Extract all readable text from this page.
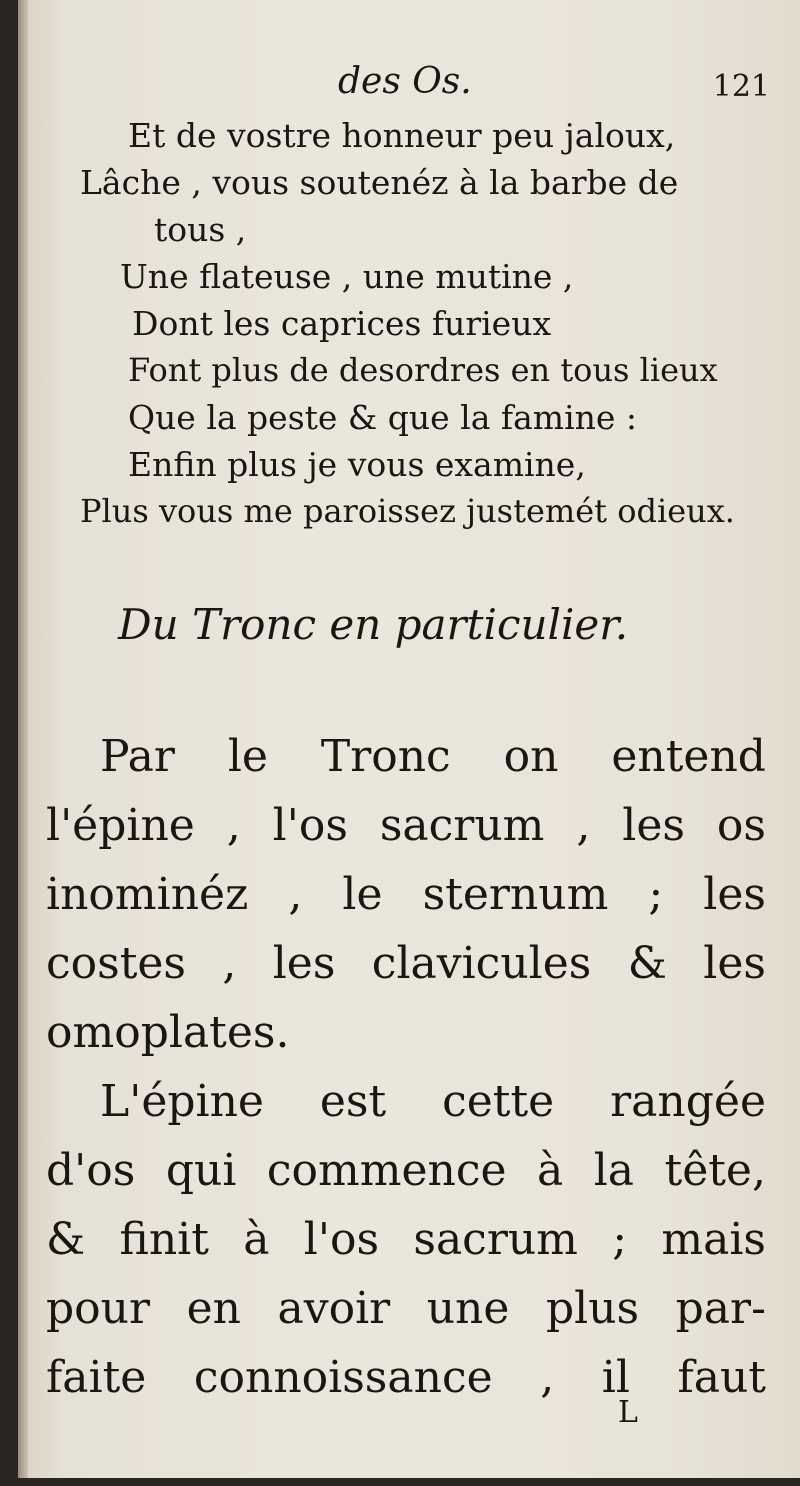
des Os.	121
Et de vostre honneur peu jaloux,
Lâche , vous soutenéz à la barbe de
tous ,
Une flateuse , une mutine ,
Dont les caprices furieux
Font plus de desordres en tous lieux
Que la peste & que la famine :
Enfin plus je vous examine,
Plus vous me paroissez justemét odieux.
Du Tronc en particulier.
Par le Tronc on entend
l'épine , l'os sacrum , les os
inominéz , le sternum ; les
costes , les clavicules & les
omoplates.
L'épine est cette rangée
d'os qui commence à la tête,
& finit à l'os sacrum ; mais
pour en avoir une plus par-
faite connoissance , il faut
L
